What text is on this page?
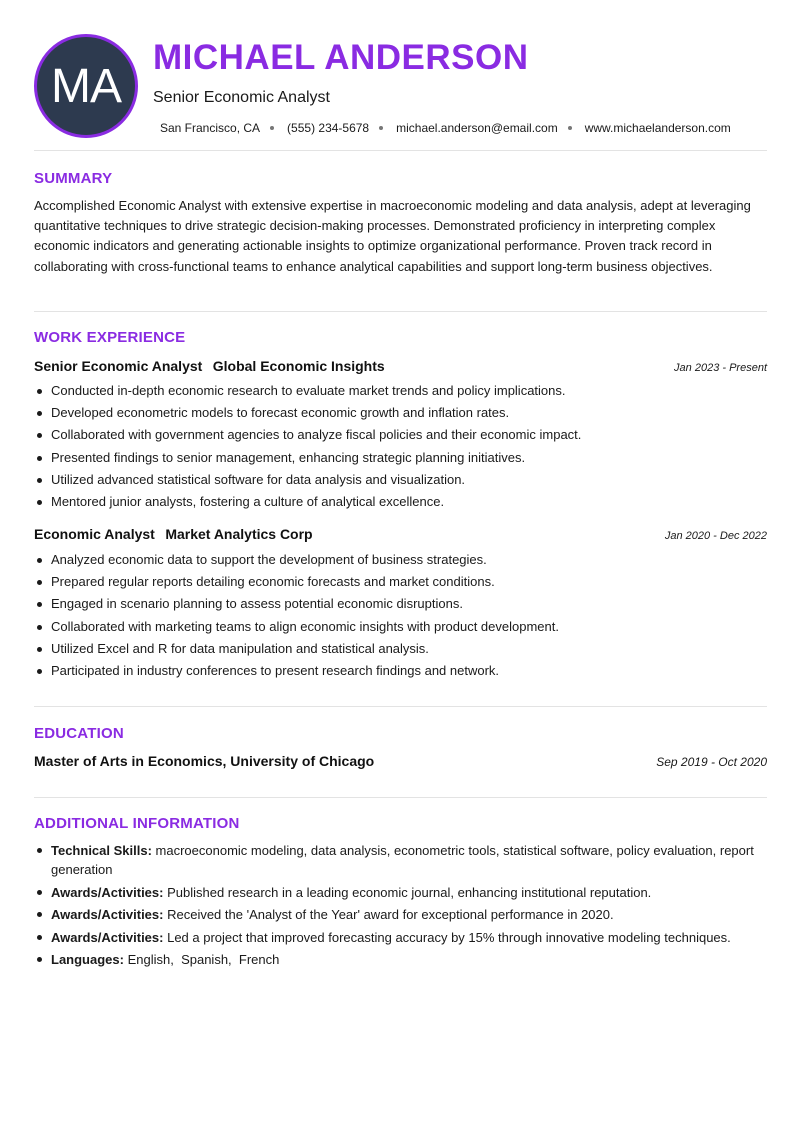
MA
MICHAEL ANDERSON
Senior Economic Analyst
San Francisco, CA (555) 234-5678 michael.anderson@email.com www.michaelanderson.com
SUMMARY

Accomplished Economic Analyst with extensive expertise in macroeconomic modeling and data analysis, adept at leveraging quantitative techniques to drive strategic decision-making processes. Demonstrated proficiency in interpreting complex economic indicators and generating actionable insights to optimize organizational performance. Proven track record in collaborating with cross-functional teams to enhance analytical capabilities and support long-term business objectives.

WORK EXPERIENCE
Senior Economic Analyst Global Economic Insights	Jan 2023 - Present
Conducted in-depth economic research to evaluate market trends and policy implications.
Developed econometric models to forecast economic growth and inflation rates.
Collaborated with government agencies to analyze fiscal policies and their economic impact.
Presented findings to senior management, enhancing strategic planning initiatives.
Utilized advanced statistical software for data analysis and visualization.
Mentored junior analysts, fostering a culture of analytical excellence.
Economic Analyst Market Analytics Corp	Jan 2020 - Dec 2022
Analyzed economic data to support the development of business strategies.
Prepared regular reports detailing economic forecasts and market conditions.
Engaged in scenario planning to assess potential economic disruptions.
Collaborated with marketing teams to align economic insights with product development.
Utilized Excel and R for data manipulation and statistical analysis.
Participated in industry conferences to present research findings and network.
EDUCATION
Master of Arts in Economics, University of Chicago	Sep 2019 - Oct 2020
ADDITIONAL INFORMATION
Technical Skills: macroeconomic modeling, data analysis, econometric tools, statistical software, policy evaluation, report generation
Awards/Activities: Published research in a leading economic journal, enhancing institutional reputation.
Awards/Activities: Received the 'Analyst of the Year' award for exceptional performance in 2020.
Awards/Activities: Led a project that improved forecasting accuracy by 15% through innovative modeling techniques.
Languages: English,  Spanish,  French
